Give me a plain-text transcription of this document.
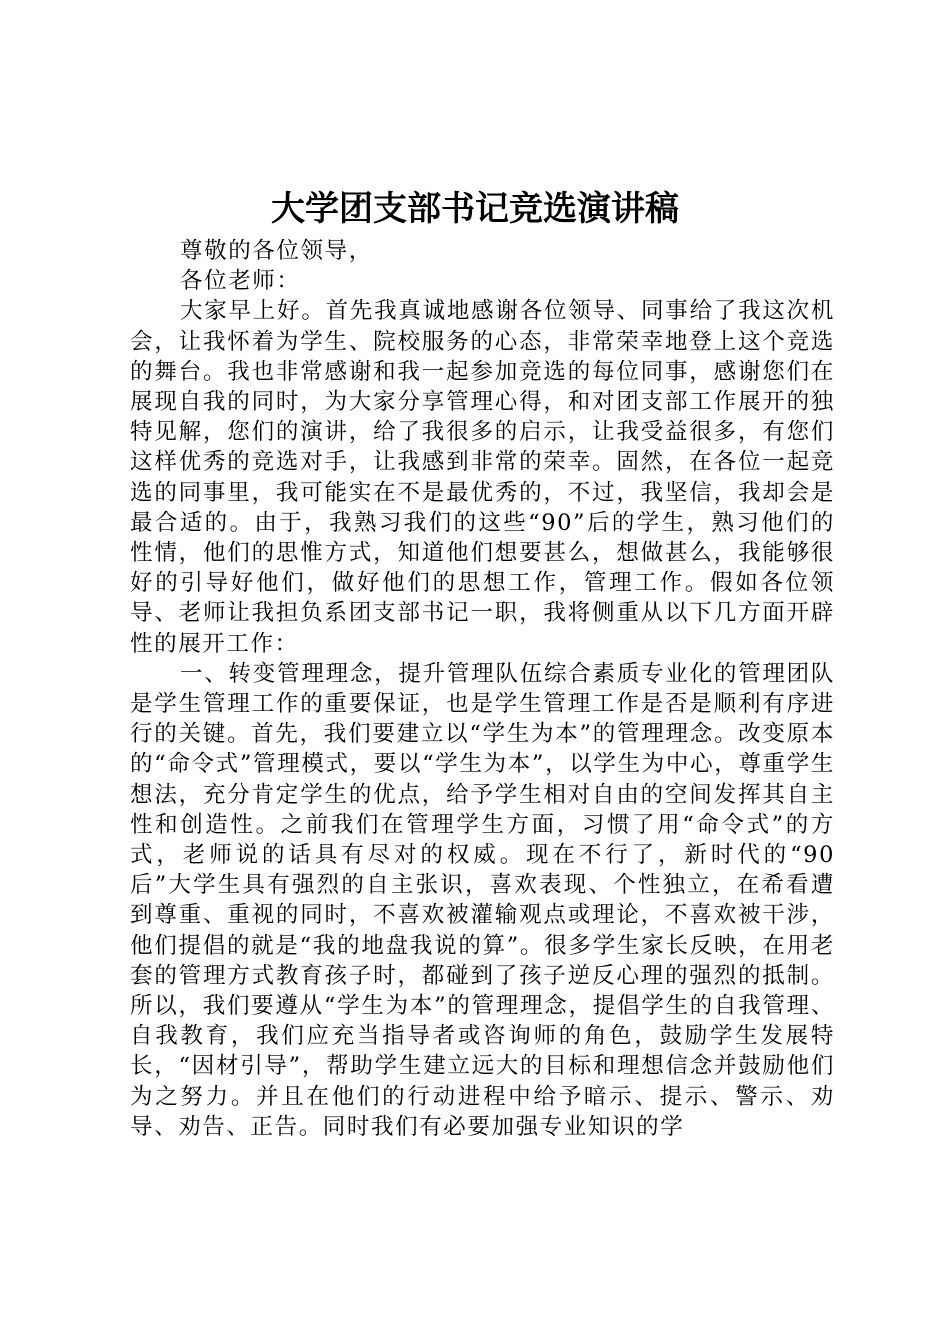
大学团支部书记竞选演讲稿

尊敬的各位领导，

各位老师：

大家早上好。首先我真诚地感谢各位领导、同事给了我这次机会，让我怀着为学生、院校服务的心态，非常荣幸地登上这个竞选的舞台。我也非常感谢和我一起参加竞选的每位同事，感谢您们在展现自我的同时，为大家分享管理心得，和对团支部工作展开的独特见解，您们的演讲，给了我很多的启示，让我受益很多，有您们这样优秀的竞选对手，让我感到非常的荣幸。固然，在各位一起竞选的同事里，我可能实在不是最优秀的，不过，我坚信，我却会是最合适的。由于，我熟习我们的这些“90”后的学生，熟习他们的性情，他们的思惟方式，知道他们想要甚么，想做甚么，我能够很好的引导好他们，做好他们的思想工作，管理工作。假如各位领导、老师让我担负系团支部书记一职，我将侧重从以下几方面开辟性的展开工作：

一、转变管理理念，提升管理队伍综合素质专业化的管理团队是学生管理工作的重要保证，也是学生管理工作是否是顺利有序进行的关键。首先，我们要建立以“学生为本”的管理理念。改变原本的“命令式”管理模式，要以“学生为本”，以学生为中心，尊重学生想法，充分肯定学生的优点，给予学生相对自由的空间发挥其自主性和创造性。之前我们在管理学生方面，习惯了用“命令式”的方式，老师说的话具有尽对的权威。现在不行了，新时代的“90后”大学生具有强烈的自主张识，喜欢表现、个性独立，在希看遭到尊重、重视的同时，不喜欢被灌输观点或理论，不喜欢被干涉，他们提倡的就是“我的地盘我说的算”。很多学生家长反映，在用老套的管理方式教育孩子时，都碰到了孩子逆反心理的强烈的抵制。所以，我们要遵从“学生为本”的管理理念，提倡学生的自我管理、自我教育，我们应充当指导者或咨询师的角色，鼓励学生发展特长，“因材引导”，帮助学生建立远大的目标和理想信念并鼓励他们为之努力。并且在他们的行动进程中给予暗示、提示、警示、劝导、劝告、正告。同时我们有必要加强专业知识的学
